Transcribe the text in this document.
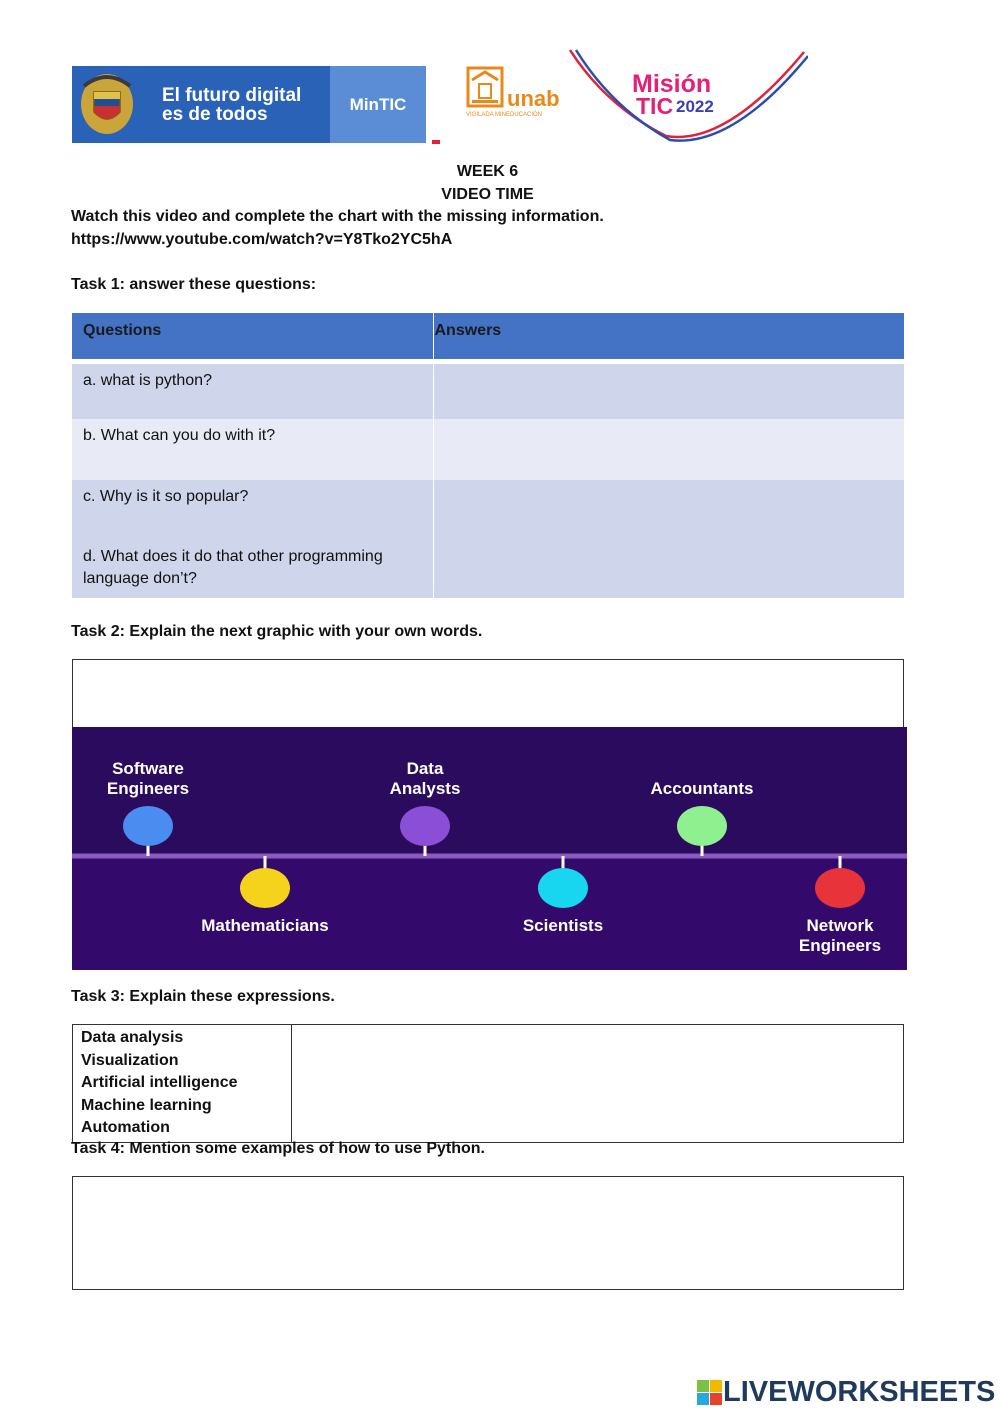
El futuro digital
es de todos	MinTIC	unab
VIGILADA MINEDUCACIÓN
Misión
TIC 2022
WEEK 6
VIDEO TIME
Watch this video and complete the chart with the missing information.
https://www.youtube.com/watch?v=Y8Tko2YC5hA
Task 1: answer these questions:
Questions	Answers
a. what is python?	
b. What can you do with it?	
c. Why is it so popular?	
d. What does it do that other programming language don’t?	
Task 2: Explain the next graphic with your own words.
Software
Engineers
Data
Analysts	Accountants
Mathematicians	Scientists	Network
Engineers
Task 3: Explain these expressions.
Data analysis
Visualization
Artificial intelligence
Machine learning
Automation

Task 4: Mention some examples of how to use Python.
LIVEWORKSHEETS
